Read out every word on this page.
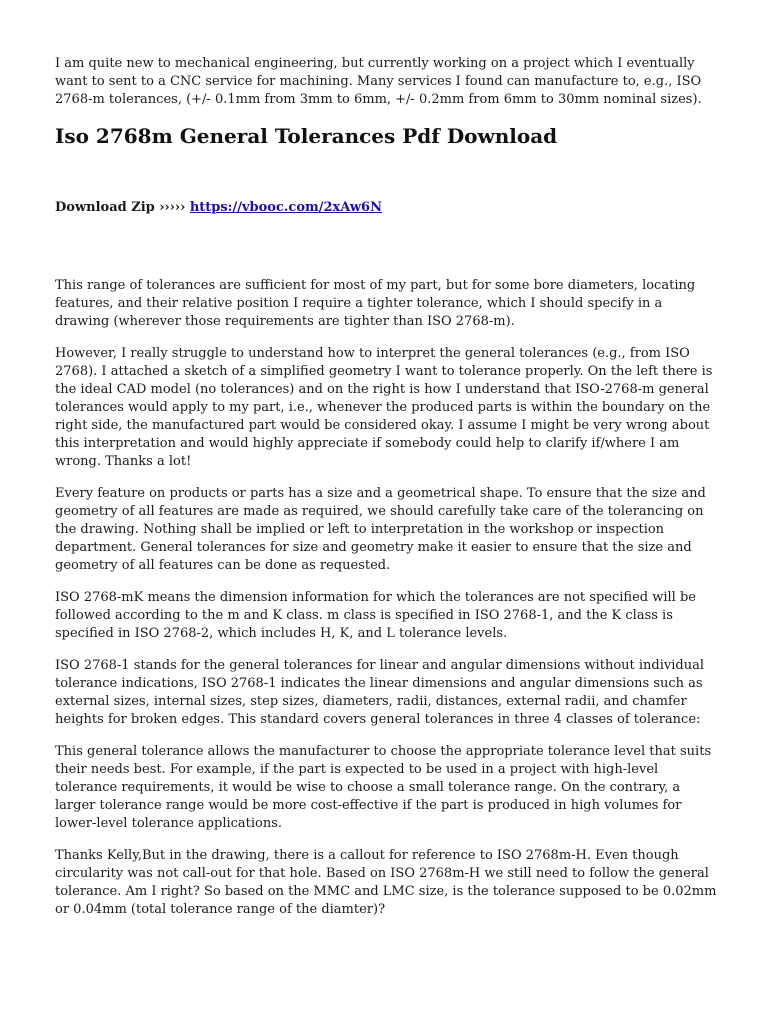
I am quite new to mechanical engineering, but currently working on a project which I eventually want to sent to a CNC service for machining. Many services I found can manufacture to, e.g., ISO 2768-m tolerances, (+/- 0.1mm from 3mm to 6mm, +/- 0.2mm from 6mm to 30mm nominal sizes).

Iso 2768m General Tolerances Pdf Download
Download Zip ››››› https://vbooc.com/2xAw6N

This range of tolerances are sufficient for most of my part, but for some bore diameters, locating features, and their relative position I require a tighter tolerance, which I should specify in a drawing (wherever those requirements are tighter than ISO 2768-m).

However, I really struggle to understand how to interpret the general tolerances (e.g., from ISO 2768). I attached a sketch of a simplified geometry I want to tolerance properly. On the left there is the ideal CAD model (no tolerances) and on the right is how I understand that ISO-2768-m general tolerances would apply to my part, i.e., whenever the produced parts is within the boundary on the right side, the manufactured part would be considered okay. I assume I might be very wrong about this interpretation and would highly appreciate if somebody could help to clarify if/where I am wrong. Thanks a lot!

Every feature on products or parts has a size and a geometrical shape. To ensure that the size and geometry of all features are made as required, we should carefully take care of the tolerancing on the drawing. Nothing shall be implied or left to interpretation in the workshop or inspection department. General tolerances for size and geometry make it easier to ensure that the size and geometry of all features can be done as requested.

ISO 2768-mK means the dimension information for which the tolerances are not specified will be followed according to the m and K class. m class is specified in ISO 2768-1, and the K class is specified in ISO 2768-2, which includes H, K, and L tolerance levels.

ISO 2768-1 stands for the general tolerances for linear and angular dimensions without individual tolerance indications, ISO 2768-1 indicates the linear dimensions and angular dimensions such as external sizes, internal sizes, step sizes, diameters, radii, distances, external radii, and chamfer heights for broken edges. This standard covers general tolerances in three 4 classes of tolerance:

This general tolerance allows the manufacturer to choose the appropriate tolerance level that suits their needs best. For example, if the part is expected to be used in a project with high-level tolerance requirements, it would be wise to choose a small tolerance range. On the contrary, a larger tolerance range would be more cost-effective if the part is produced in high volumes for lower-level tolerance applications.

Thanks Kelly,But in the drawing, there is a callout for reference to ISO 2768m-H. Even though circularity was not call-out for that hole. Based on ISO 2768m-H we still need to follow the general tolerance. Am I right? So based on the MMC and LMC size, is the tolerance supposed to be 0.02mm or 0.04mm (total tolerance range of the diamter)?
